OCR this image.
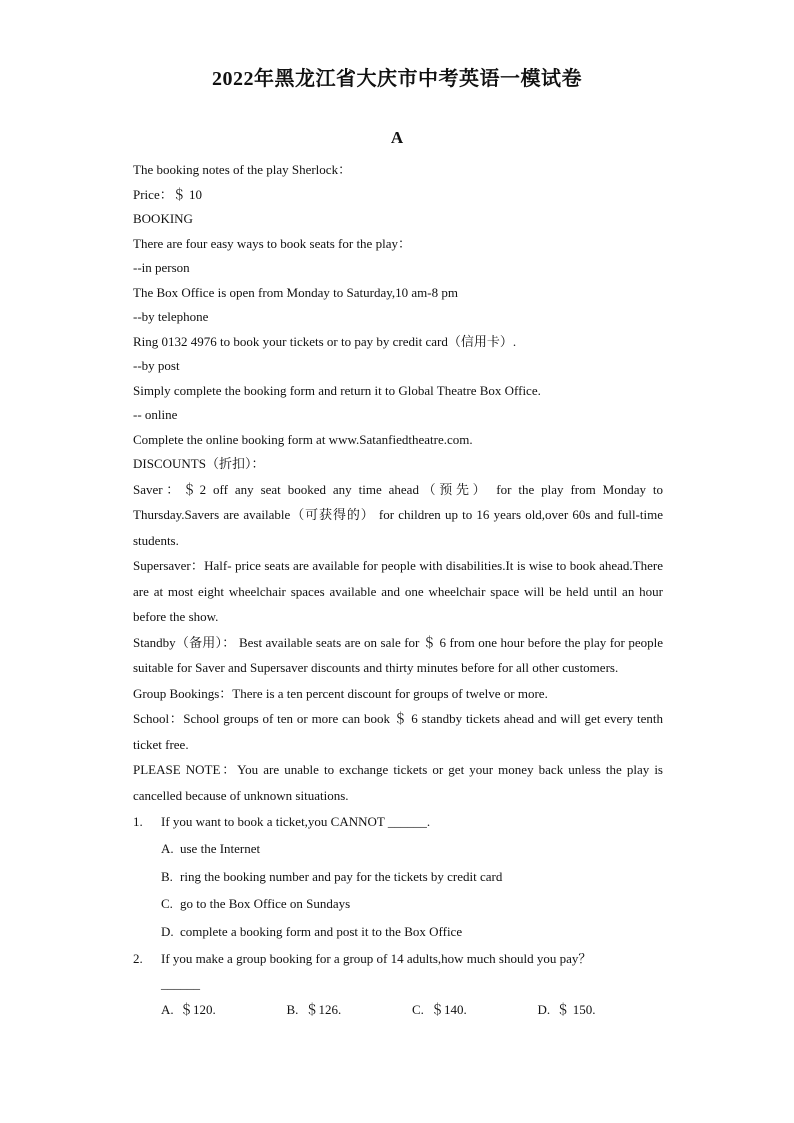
2022年黑龙江省大庆市中考英语一模试卷
A
The booking notes of the play Sherlock：
Price：＄ 10
BOOKING
There are four easy ways to book seats for the play：
--in person
The Box Office is open from Monday to Saturday,10 am-8 pm
--by telephone
Ring 0132 4976 to book your tickets or to pay by credit card（信用卡）.
--by post
Simply complete the booking form and return it to Global Theatre Box Office.
-- online
Complete the online booking form at www.Satanfiedtheatre.com.
DISCOUNTS（折扣）：
Saver：＄2 off any seat booked any time ahead（预先） for the play from Monday to Thursday.Savers are available（可获得的） for children up to 16 years old,over 60s and full-time students.
Supersaver：Half- price seats are available for people with disabilities.It is wise to book ahead.There are at most eight wheelchair spaces available and one wheelchair space will be held until an hour before the show.
Standby（备用）： Best available seats are on sale for ＄ 6 from one hour before the play for people suitable for Saver and Supersaver discounts and thirty minutes before for all other customers.
Group Bookings：There is a ten percent discount for groups of twelve or more.
School：School groups of ten or more can book ＄ 6 standby tickets ahead and will get every tenth ticket free.
PLEASE NOTE：You are unable to exchange tickets or get your money back unless the play is cancelled because of unknown situations.
1. If you want to book a ticket,you CANNOT ______.
A. use the Internet
B. ring the booking number and pay for the tickets by credit card
C. go to the Box Office on Sundays
D. complete a booking form and post it to the Box Office
2. If you make a group booking for a group of 14 adults,how much should you pay？
______
A. ＄120.	B. ＄126.	C. ＄140.	D. ＄ 150.
